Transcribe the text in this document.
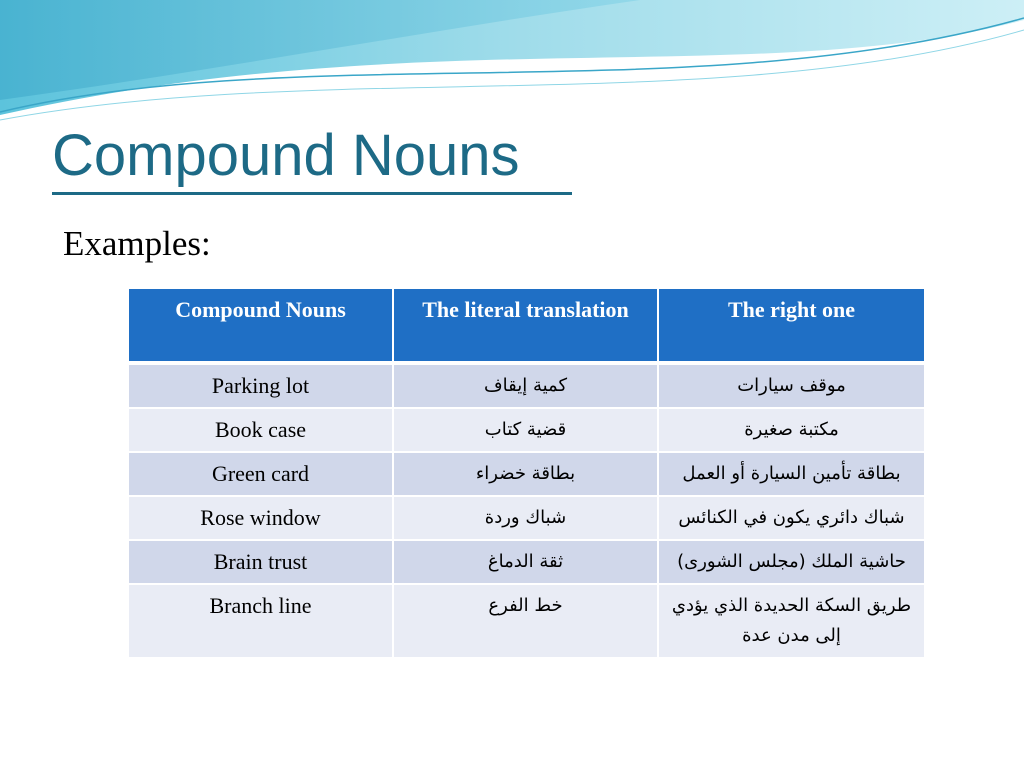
Compound Nouns
Examples:
Compound Nouns	The literal translation	The right one
Parking lot	كمية إيقاف	موقف سيارات
Book case	قضية كتاب	مكتبة صغيرة
Green card	بطاقة خضراء	بطاقة تأمين السيارة أو العمل
Rose window	شباك وردة	شباك دائري يكون في الكنائس
Brain trust	ثقة الدماغ	حاشية الملك (مجلس الشورى)
Branch line	خط الفرع	طريق السكة الحديدة الذي يؤدي إلى مدن عدة
